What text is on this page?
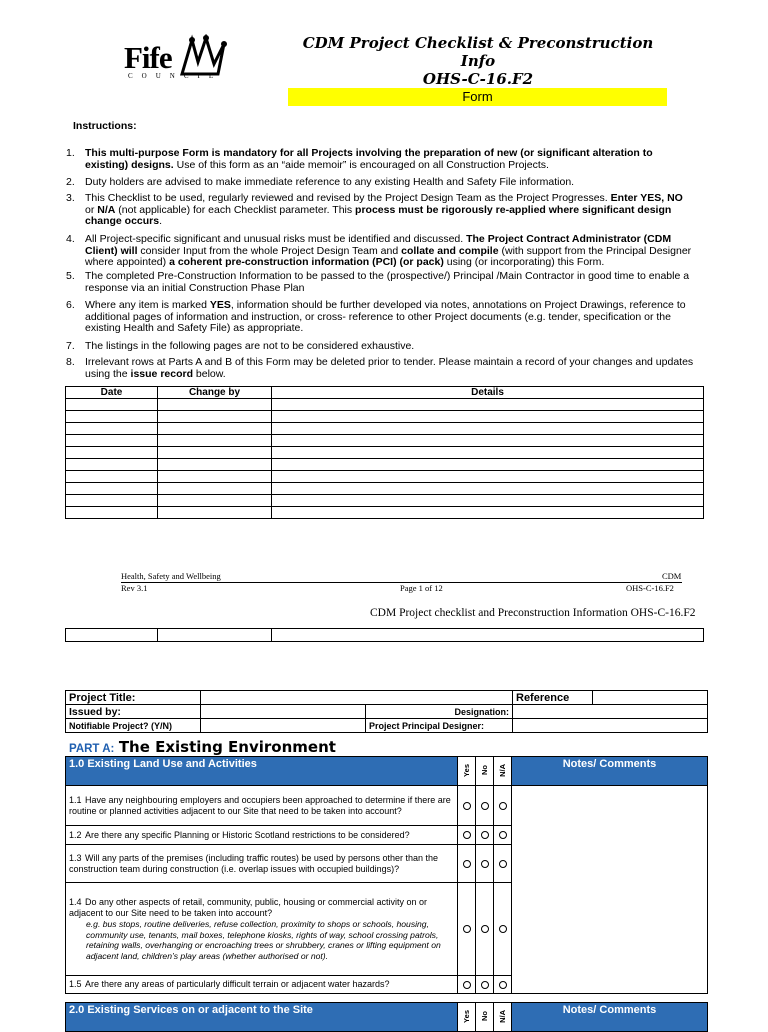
Fife
COUNCIL
CDM Project Checklist & Preconstruction
Info
OHS-C-16.F2
Form
Instructions:
1. This multi-purpose Form is mandatory for all Projects involving the preparation of new (or significant alteration to existing) designs. Use of this form as an “aide memoir” is encouraged on all Construction Projects.
2. Duty holders are advised to make immediate reference to any existing Health and Safety File information.
3. This Checklist to be used, regularly reviewed and revised by the Project Design Team as the Project Progresses. Enter YES, NO or N/A (not applicable) for each Checklist parameter. This process must be rigorously re-applied where significant design change occurs.
4. All Project-specific significant and unusual risks must be identified and discussed. The Project Contract Administrator (CDM Client) will consider Input from the whole Project Design Team and collate and compile (with support from the Principal Designer where appointed) a coherent pre-construction information (PCI) (or pack) using (or incorporating) this Form.
5. The completed Pre-Construction Information to be passed to the (prospective/) Principal /Main Contractor in good time to enable a response via an initial Construction Phase Plan
6. Where any item is marked YES, information should be further developed via notes, annotations on Project Drawings, reference to additional pages of information and instruction, or cross- reference to other Project documents (e.g. tender, specification or the existing Health and Safety File) as appropriate.
7. The listings in the following pages are not to be considered exhaustive.
8. Irrelevant rows at Parts A and B of this Form may be deleted prior to tender. Please maintain a record of your changes and updates using the issue record below.
Date	Change by	Details

Health, Safety and Wellbeing
Rev 3.1	Page 1 of 12
CDM
OHS-C-16.F2
CDM Project checklist and Preconstruction Information OHS-C-16.F2

Project Title:			Reference	
Issued by:		Designation:		
Notifiable Project? (Y/N)		Project Principal Designer:		
PART A: The Existing Environment
1.0 Existing Land Use and Activities	Yes	No	N/A	Notes/ Comments
1.1 Have any neighbouring employers and occupiers been approached to determine if there are routine or planned activities adjacent to our Site that need to be taken into account?	

1.2 Are there any specific Planning or Historic Scotland restrictions to be considered?		

1.3 Will any parts of the premises (including traffic routes) be used by persons other than the construction team during construction (i.e. overlap issues with occupied buildings)?		

1.4 Do any other aspects of retail, community, public, housing or commercial activity on or adjacent to our Site need to be taken into account?
e.g. bus stops, routine deliveries, refuse collection, proximity to shops or schools, housing, community use, tenants, mail boxes, telephone kiosks, rights of way, school crossing patrols, retaining walls, overhanging or encroaching trees or shrubbery, cranes or lifting equipment on adjacent land, children’s play areas (whether authorised or not).				

1.5 Are there any areas of particularly difficult terrain or adjacent water hazards?		

2.0 Existing Services on or adjacent to the Site	Yes	No	N/A	Notes/ Comments
